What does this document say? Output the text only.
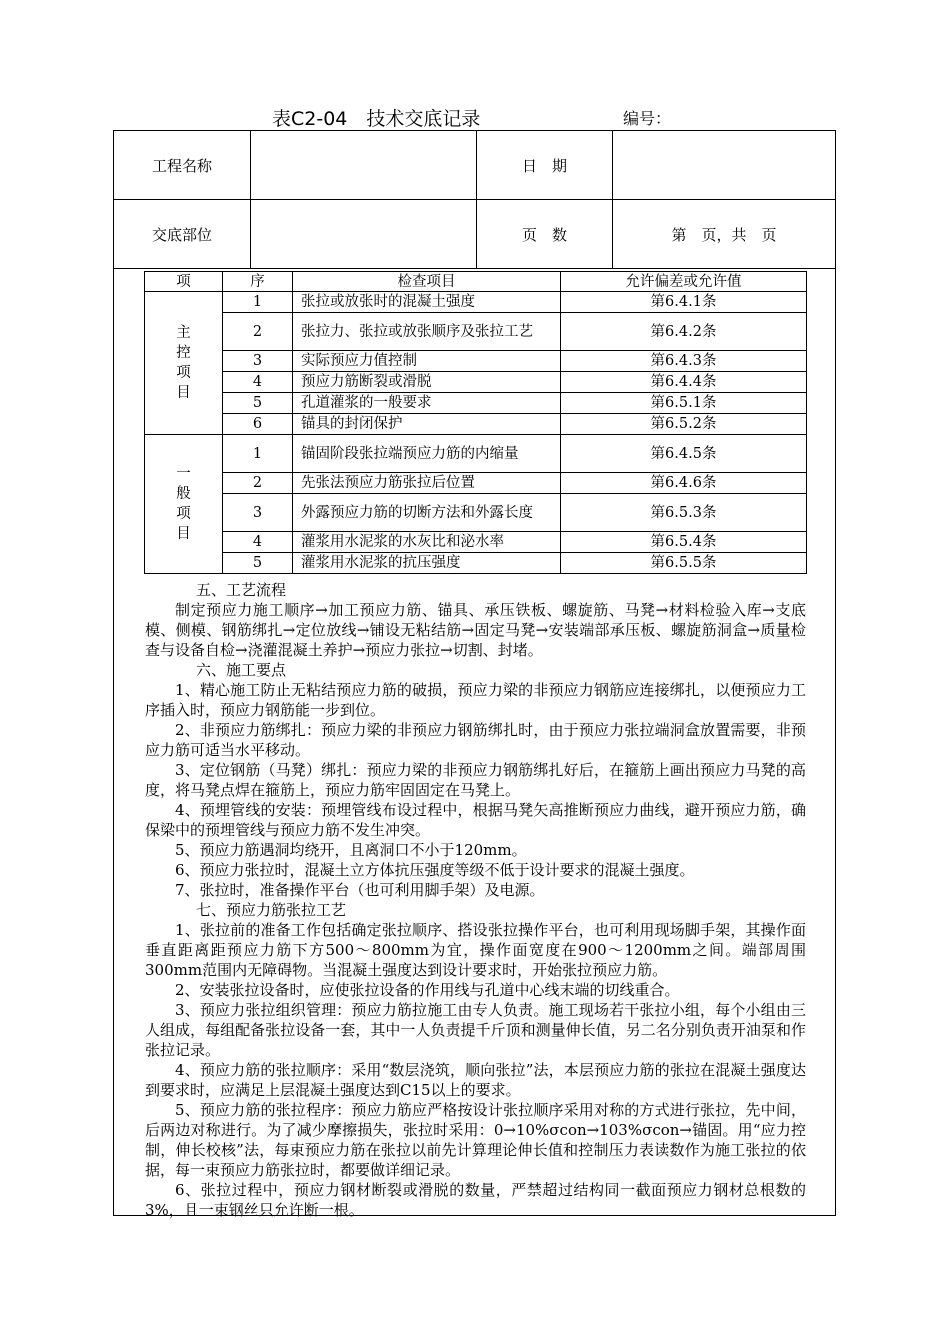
表C2-04　技术交底记录	编号：
工程名称		日　期	
交底部位		页　数	第　页，共　页
项	序	检查项目	允许偏差或允许值
主控项目	1	张拉或放张时的混凝土强度	第6.4.1条
	2	张拉力、张拉或放张顺序及张拉工艺	第6.4.2条
	3	实际预应力值控制	第6.4.3条
	4	预应力筋断裂或滑脱	第6.4.4条
	5	孔道灌浆的一般要求	第6.5.1条
	6	锚具的封闭保护	第6.5.2条
一般项目	1	锚固阶段张拉端预应力筋的内缩量	第6.4.5条
	2	先张法预应力筋张拉后位置	第6.4.6条
	3	外露预应力筋的切断方法和外露长度	第6.5.3条
	4	灌浆用水泥浆的水灰比和泌水率	第6.5.4条
	5	灌浆用水泥浆的抗压强度	第6.5.5条

五、工艺流程

制定预应力施工顺序→加工预应力筋、锚具、承压铁板、螺旋筋、马凳→材料检验入库→支底模、侧模、钢筋绑扎→定位放线→铺设无粘结筋→固定马凳→安装端部承压板、螺旋筋洞盒→质量检查与设备自检→浇灌混凝土养护→预应力张拉→切割、封堵。

六、施工要点

1、精心施工防止无粘结预应力筋的破损，预应力梁的非预应力钢筋应连接绑扎，以便预应力工序插入时，预应力钢筋能一步到位。

2、非预应力筋绑扎：预应力梁的非预应力钢筋绑扎时，由于预应力张拉端洞盒放置需要，非预应力筋可适当水平移动。

3、定位钢筋（马凳）绑扎：预应力梁的非预应力钢筋绑扎好后，在箍筋上画出预应力马凳的高度，将马凳点焊在箍筋上，预应力筋牢固固定在马凳上。

4、预埋管线的安装：预埋管线布设过程中，根据马凳矢高推断预应力曲线，避开预应力筋，确保梁中的预埋管线与预应力筋不发生冲突。

5、预应力筋遇洞均绕开，且离洞口不小于120mm。

6、预应力张拉时，混凝土立方体抗压强度等级不低于设计要求的混凝土强度。

7、张拉时，准备操作平台（也可利用脚手架）及电源。

七、预应力筋张拉工艺

1、张拉前的准备工作包括确定张拉顺序、搭设张拉操作平台，也可利用现场脚手架，其操作面垂直距离距预应力筋下方500～800mm为宜，操作面宽度在900～1200mm之间。端部周围300mm范围内无障碍物。当混凝土强度达到设计要求时，开始张拉预应力筋。

2、安装张拉设备时，应使张拉设备的作用线与孔道中心线末端的切线重合。

3、预应力张拉组织管理：预应力筋拉施工由专人负责。施工现场若干张拉小组，每个小组由三人组成，每组配备张拉设备一套，其中一人负责提千斤顶和测量伸长值，另二名分别负责开油泵和作张拉记录。

4、预应力筋的张拉顺序：采用“数层浇筑，顺向张拉”法，本层预应力筋的张拉在混凝土强度达到要求时，应满足上层混凝土强度达到C15以上的要求。

5、预应力筋的张拉程序：预应力筋应严格按设计张拉顺序采用对称的方式进行张拉，先中间，后两边对称进行。为了减少摩擦损失，张拉时采用：0→10%σcon→103%σcon→锚固。用“应力控制，伸长校核”法，每束预应力筋在张拉以前先计算理论伸长值和控制压力表读数作为施工张拉的依据，每一束预应力筋张拉时，都要做详细记录。

6、张拉过程中，预应力钢材断裂或滑脱的数量，严禁超过结构同一截面预应力钢材总根数的3%，且一束钢丝只允许断一根。
